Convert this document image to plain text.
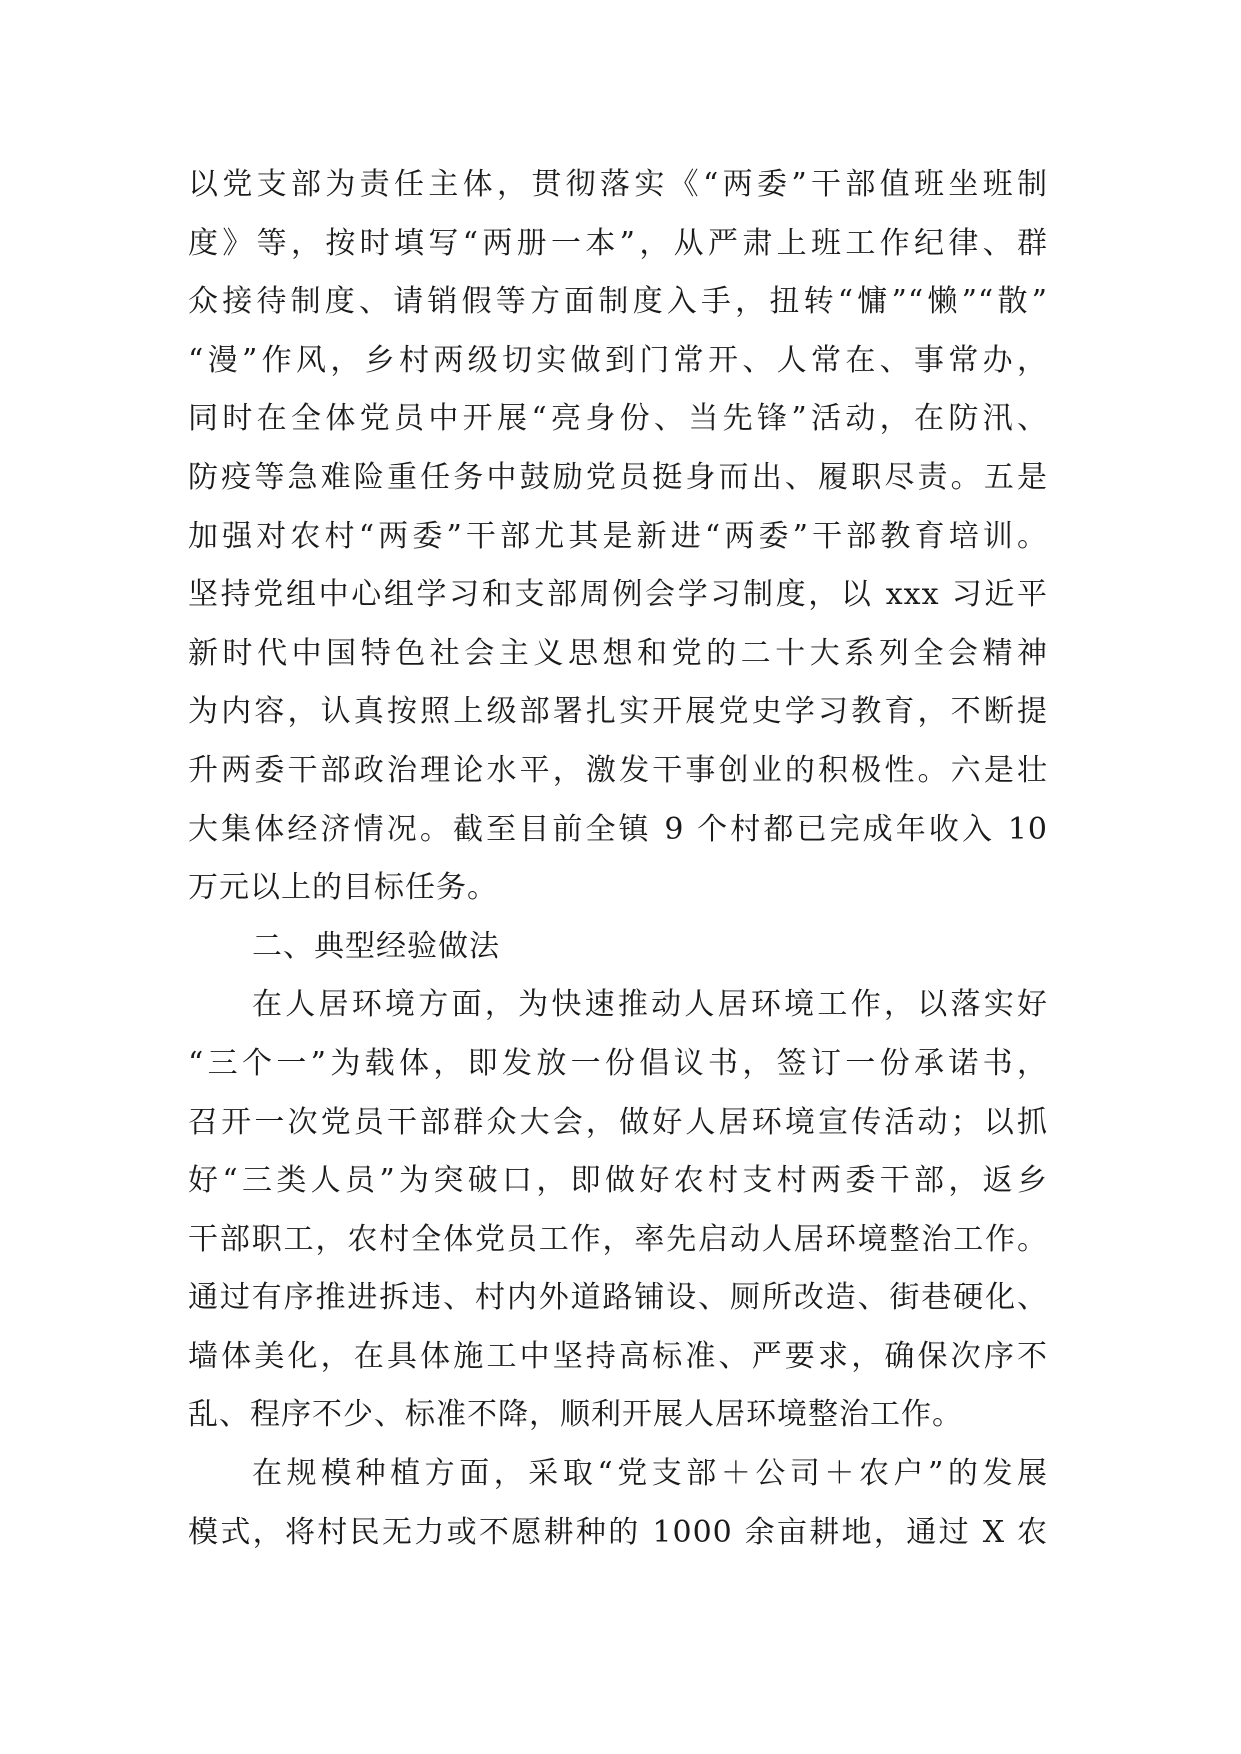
以党支部为责任主体，贯彻落实《“两委”干部值班坐班制
度》等，按时填写“两册一本”，从严肃上班工作纪律、群
众接待制度、请销假等方面制度入手，扭转“慵”“懒”“散”
“漫”作风，乡村两级切实做到门常开、人常在、事常办，
同时在全体党员中开展“亮身份、当先锋”活动，在防汛、
防疫等急难险重任务中鼓励党员挺身而出、履职尽责。五是
加强对农村“两委”干部尤其是新进“两委”干部教育培训。
坚持党组中心组学习和支部周例会学习制度，以 xxx 习近平
新时代中国特色社会主义思想和党的二十大系列全会精神
为内容，认真按照上级部署扎实开展党史学习教育，不断提
升两委干部政治理论水平，激发干事创业的积极性。六是壮
大集体经济情况。截至目前全镇 9 个村都已完成年收入 10
万元以上的目标任务。
二、典型经验做法
在人居环境方面，为快速推动人居环境工作，以落实好
“三个一”为载体，即发放一份倡议书，签订一份承诺书，
召开一次党员干部群众大会，做好人居环境宣传活动；以抓
好“三类人员”为突破口，即做好农村支村两委干部，返乡
干部职工，农村全体党员工作，率先启动人居环境整治工作。
通过有序推进拆违、村内外道路铺设、厕所改造、街巷硬化、
墙体美化，在具体施工中坚持高标准、严要求，确保次序不
乱、程序不少、标准不降，顺利开展人居环境整治工作。
在规模种植方面，采取“党支部＋公司＋农户”的发展
模式，将村民无力或不愿耕种的 1000 余亩耕地，通过 X 农
